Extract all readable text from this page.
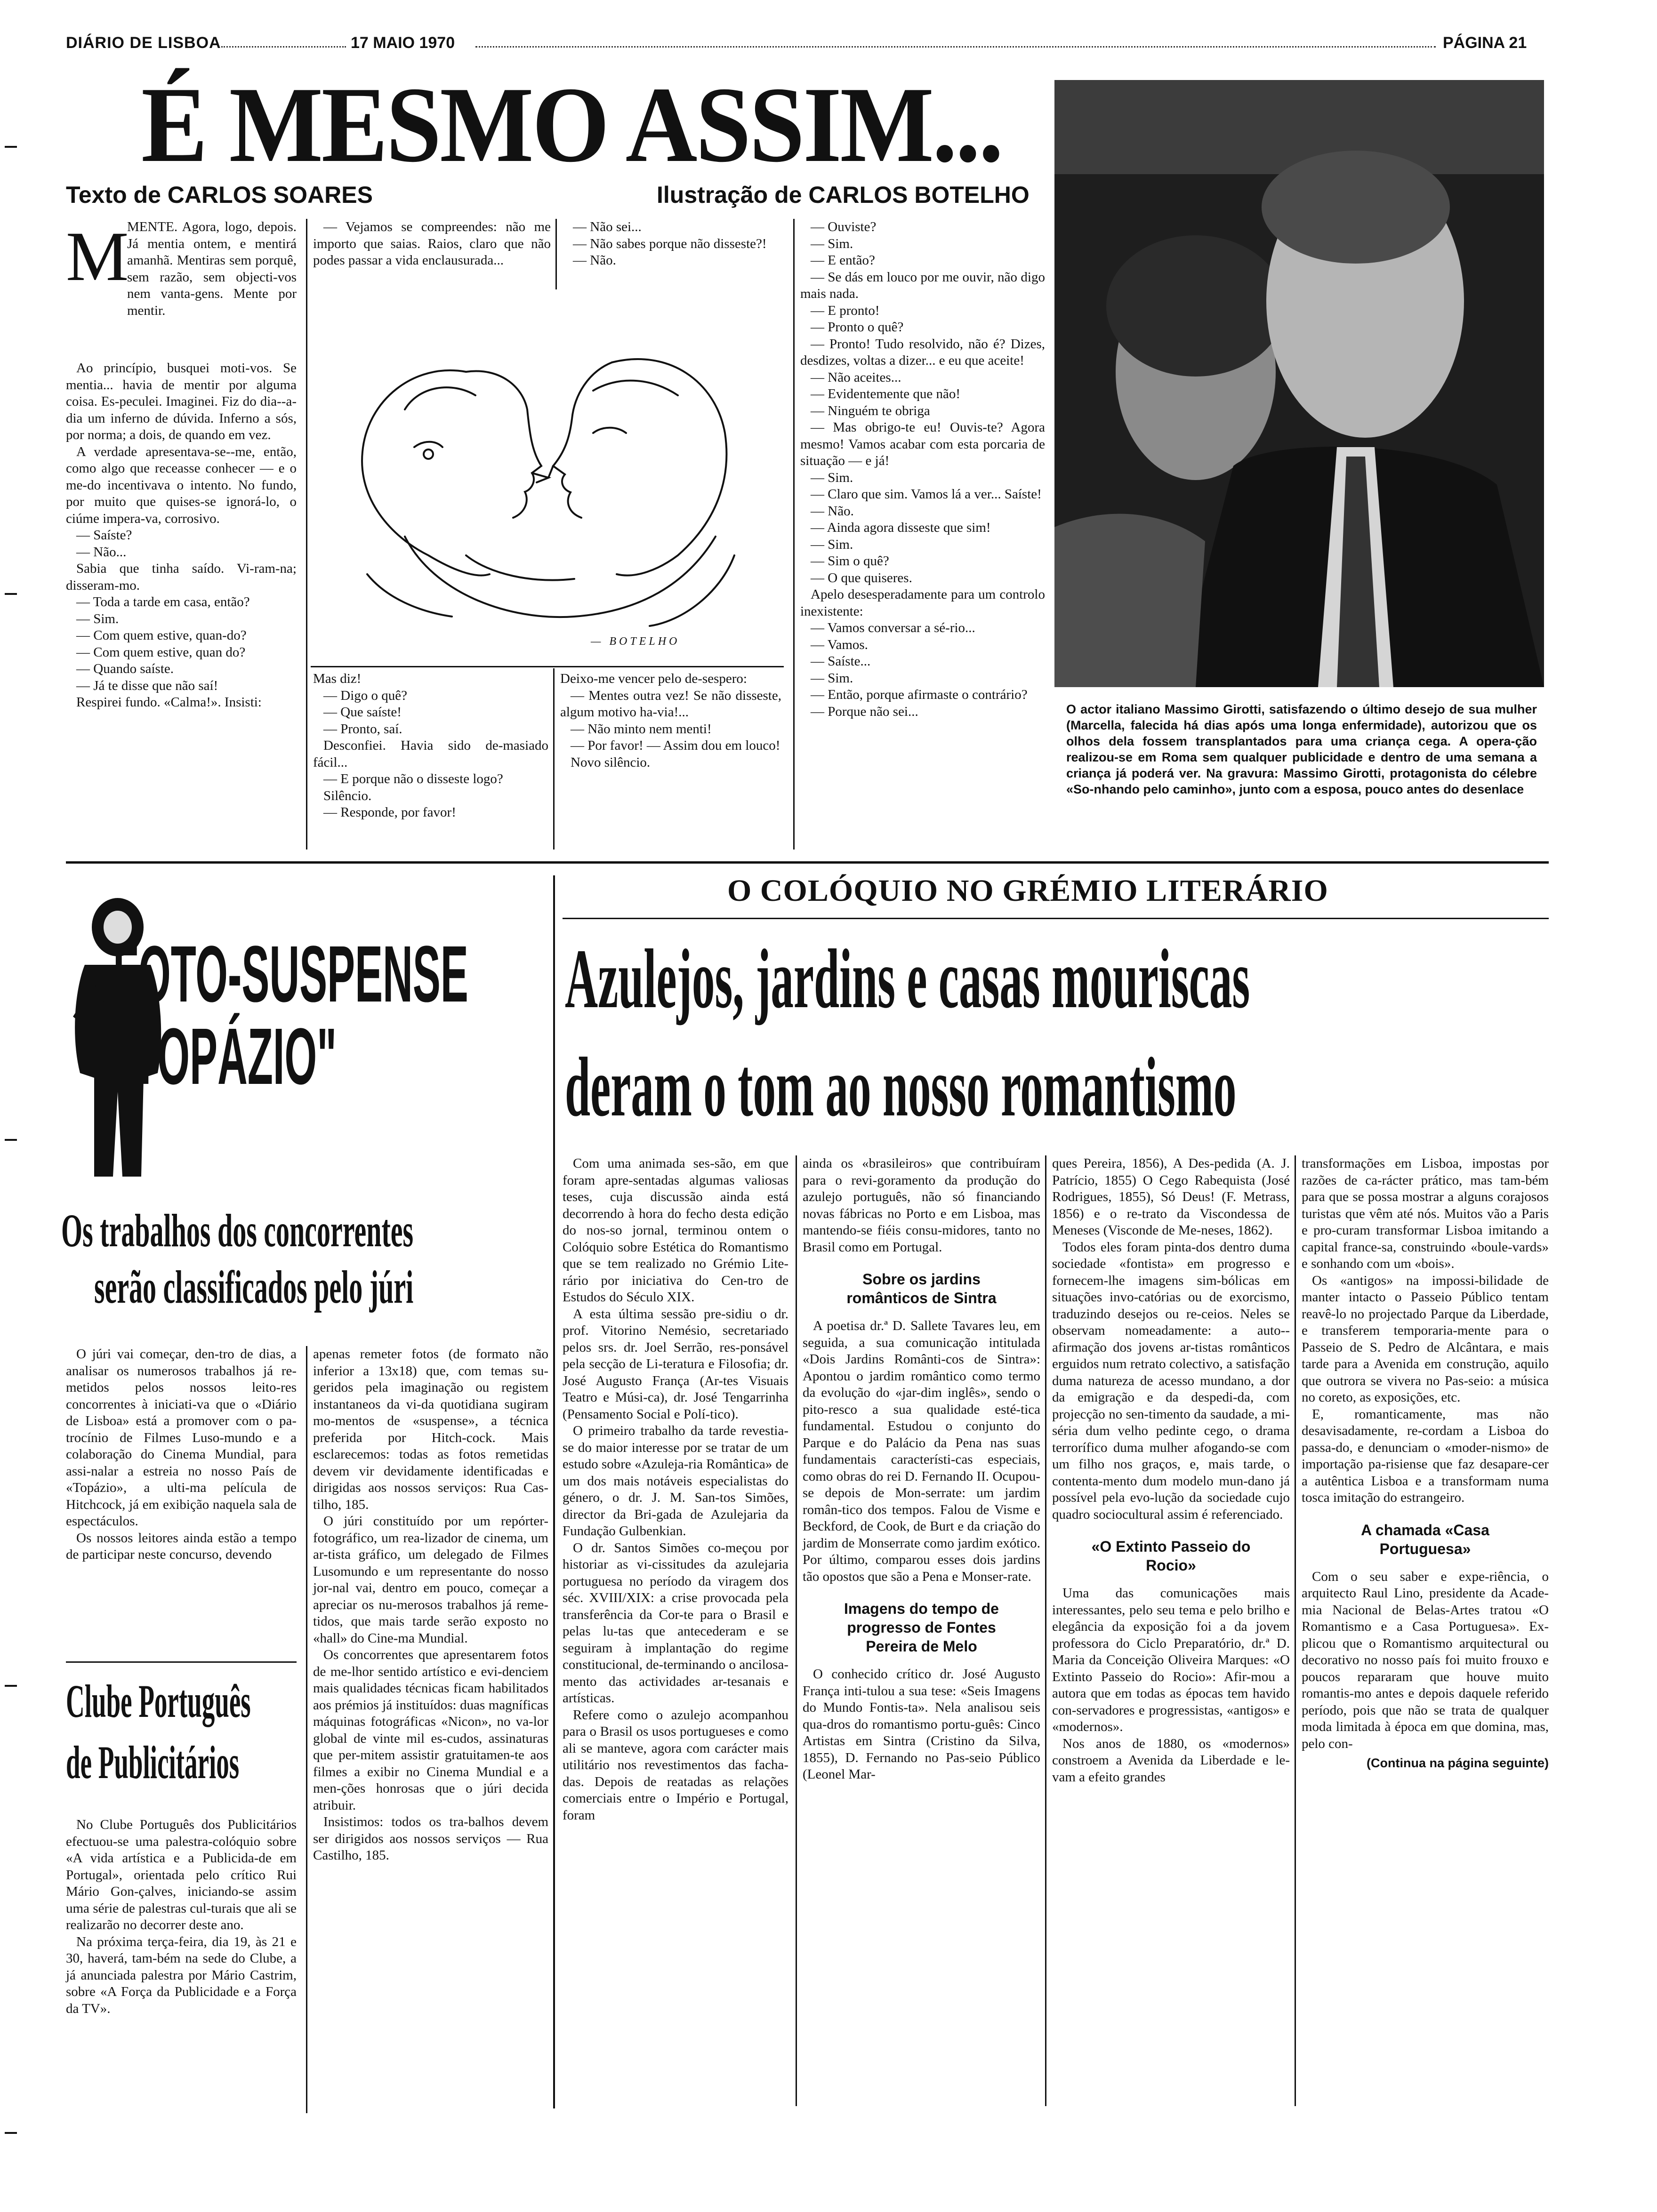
DIÁRIO DE LISBOA	17 MAIO 1970	PÁGINA 21
É MESMO ASSIM...
Texto de CARLOS SOARES	Ilustração de CARLOS BOTELHO
M

MENTE. Agora, logo, depois. Já mentia ontem, e mentirá amanhã. Mentiras sem porquê, sem razão, sem objecti-vos nem vanta-gens. Mente por mentir.

Ao princípio, busquei moti-vos. Se mentia... havia de mentir por alguma coisa. Es-peculei. Imaginei. Fiz do dia--a-dia um inferno de dúvida. Inferno a sós, por norma; a dois, de quando em vez.

A verdade apresentava-se--me, então, como algo que receasse conhecer — e o me-do incentivava o intento. No fundo, por muito que quises-se ignorá-lo, o ciúme impera-va, corrosivo.

— Saíste?

— Não...

Sabia que tinha saído. Vi-ram-na; disseram-mo.

— Toda a tarde em casa, então?

— Sim.

— Com quem estive, quan-do?

— Com quem estive, quan do?

— Quando saíste.

— Já te disse que não saí!

Respirei fundo. «Calma!». Insisti:

— Vejamos se compreendes: não me importo que saias. Raios, claro que não podes passar a vida enclausurada...

— Não sei...

— Não sabes porque não disseste?!

— Não.

— BOTELHO

Mas diz!

— Digo o quê?

— Que saíste!

— Pronto, saí.

Desconfiei. Havia sido de-masiado fácil...

— E porque não o disseste logo?

Silêncio.

— Responde, por favor!

Deixo-me vencer pelo de-sespero:

— Mentes outra vez! Se não disseste, algum motivo ha-via!...

— Não minto nem menti!

— Por favor! — Assim dou em louco!

Novo silêncio.

— Ouviste?

— Sim.

— E então?

— Se dás em louco por me ouvir, não digo mais nada.

— E pronto!

— Pronto o quê?

— Pronto! Tudo resolvido, não é? Dizes, desdizes, voltas a dizer... e eu que aceite!

— Não aceites...

— Evidentemente que não!

— Ninguém te obriga

— Mas obrigo-te eu! Ouvis-te? Agora mesmo! Vamos acabar com esta porcaria de situação — e já!

— Sim.

— Claro que sim. Vamos lá a ver... Saíste!

— Não.

— Ainda agora disseste que sim!

— Sim.

— Sim o quê?

— O que quiseres.

Apelo desesperadamente para um controlo inexistente:

— Vamos conversar a sé-rio...

— Vamos.

— Saíste...

— Sim.

— Então, porque afirmaste o contrário?

— Porque não sei...	O actor italiano Massimo Girotti, satisfazendo o último desejo de sua mulher (Marcella, falecida há dias após uma longa enfermidade), autorizou que os olhos dela fossem transplantados para uma criança cega. A opera-ção realizou-se em Roma sem qualquer publicidade e dentro de uma semana a criança já poderá ver. Na gravura: Massimo Girotti, protagonista do célebre «So-nhando pelo caminho», junto com a esposa, pouco antes do desenlace
FOTO-SUSPENSE
"TOPÁZIO"
Os trabalhos dos concorrentes
serão classificados pelo júri

O júri vai começar, den-tro de dias, a analisar os numerosos trabalhos já re-metidos pelos nossos leito-res concorrentes à iniciati-va que o «Diário de Lisboa» está a promover com o pa-trocínio de Filmes Luso-mundo e a colaboração do Cinema Mundial, para assi-nalar a estreia no nosso País de «Topázio», a ulti-ma película de Hitchcock, já em exibição naquela sala de espectáculos.

Os nossos leitores ainda estão a tempo de participar neste concurso, devendo

apenas remeter fotos (de formato não inferior a 13x18) que, com temas su-geridos pela imaginação ou registem instantaneos da vi-da quotidiana sugiram mo-mentos de «suspense», a técnica preferida por Hitch-cock. Mais esclarecemos: todas as fotos remetidas devem vir devidamente identificadas e dirigidas aos nossos serviços: Rua Cas-tilho, 185.

O júri constituído por um repórter-fotográfico, um rea-lizador de cinema, um ar-tista gráfico, um delegado de Filmes Lusomundo e um representante do nosso jor-nal vai, dentro em pouco, começar a apreciar os nu-merosos trabalhos já reme-tidos, que mais tarde serão exposto no «hall» do Cine-ma Mundial.

Os concorrentes que apresentarem fotos de me-lhor sentido artístico e evi-denciem mais qualidades técnicas ficam habilitados aos prémios já instituídos: duas magníficas máquinas fotográficas «Nicon», no va-lor global de vinte mil es-cudos, assinaturas que per-mitem assistir gratuitamen-te aos filmes a exibir no Cinema Mundial e a men-ções honrosas que o júri decida atribuir.

Insistimos: todos os tra-balhos devem ser dirigidos aos nossos serviços — Rua Castilho, 185.

Clube Português
de Publicitários

No Clube Português dos Publicitários efectuou-se uma palestra-colóquio sobre «A vida artística e a Publicida-de em Portugal», orientada pelo crítico Rui Mário Gon-çalves, iniciando-se assim uma série de palestras cul-turais que ali se realizarão no decorrer deste ano.

Na próxima terça-feira, dia 19, às 21 e 30, haverá, tam-bém na sede do Clube, a já anunciada palestra por Mário Castrim, sobre «A Força da Publicidade e a Força da TV».

O COLÓQUIO NO GRÉMIO LITERÁRIO
Azulejos, jardins e casas mouriscas
deram o tom ao nosso romantismo

Com uma animada ses-são, em que foram apre-sentadas algumas valiosas teses, cuja discussão ainda está decorrendo à hora do fecho desta edição do nos-so jornal, terminou ontem o Colóquio sobre Estética do Romantismo que se tem realizado no Grémio Lite-rário por iniciativa do Cen-tro de Estudos do Século XIX.

A esta última sessão pre-sidiu o dr. prof. Vitorino Nemésio, secretariado pelos srs. dr. Joel Serrão, res-ponsável pela secção de Li-teratura e Filosofia; dr. José Augusto França (Ar-tes Visuais Teatro e Músi-ca), dr. José Tengarrinha (Pensamento Social e Polí-tico).

O primeiro trabalho da tarde revestia-se do maior interesse por se tratar de um estudo sobre «Azuleja-ria Romântica» de um dos mais notáveis especialistas do género, o dr. J. M. San-tos Simões, director da Bri-gada de Azulejaria da Fundação Gulbenkian.

O dr. Santos Simões co-meçou por historiar as vi-cissitudes da azulejaria portuguesa no período da viragem dos séc. XVIII/XIX: a crise provocada pela transferência da Cor-te para o Brasil e pelas lu-tas que antecederam e se seguiram à implantação do regime constitucional, de-terminando o ancilosa-mento das actividades ar-tesanais e artísticas.

Refere como o azulejo acompanhou para o Brasil os usos portugueses e como ali se manteve, agora com carácter mais utilitário nos revestimentos das facha-das. Depois de reatadas as relações comerciais entre o Império e Portugal, foram

ainda os «brasileiros» que contribuíram para o revi-goramento da produção do azulejo português, não só financiando novas fábricas no Porto e em Lisboa, mas mantendo-se fiéis consu-midores, tanto no Brasil como em Portugal.

Sobre os jardins românticos de Sintra

A poetisa dr.ª D. Sallete Tavares leu, em seguida, a sua comunicação intitulada «Dois Jardins Românti-cos de Sintra»: Apontou o jardim romântico como termo da evolução do «jar-dim inglês», sendo o pito-resco a sua qualidade esté-tica fundamental. Estudou o conjunto do Parque e do Palácio da Pena nas suas fundamentais característi-cas especiais, como obras do rei D. Fernando II. Ocupou-se depois de Mon-serrate: um jardim român-tico dos tempos. Falou de Visme e Beckford, de Cook, de Burt e da criação do jardim de Monserrate como jardim exótico. Por último, comparou esses dois jardins tão opostos que são a Pena e Monser-rate.

Imagens do tempo de progresso de Fontes Pereira de Melo

O conhecido crítico dr. José Augusto França inti-tulou a sua tese: «Seis Imagens do Mundo Fontis-ta». Nela analisou seis qua-dros do romantismo portu-guês: Cinco Artistas em Sintra (Cristino da Silva, 1855), D. Fernando no Pas-seio Público (Leonel Mar-

ques Pereira, 1856), A Des-pedida (A. J. Patrício, 1855) O Cego Rabequista (José Rodrigues, 1855), Só Deus! (F. Metrass, 1856) e o re-trato da Viscondessa de Meneses (Visconde de Me-neses, 1862).

Todos eles foram pinta-dos dentro duma sociedade «fontista» em progresso e fornecem-lhe imagens sim-bólicas em situações invo-catórias ou de exorcismo, traduzindo desejos ou re-ceios. Neles se observam nomeadamente: a auto--afirmação dos jovens ar-tistas românticos erguidos num retrato colectivo, a satisfação duma natureza de acesso mundano, a dor da emigração e da despedi-da, com projecção no sen-timento da saudade, a mi-séria dum velho pedinte cego, o drama terrorífico duma mulher afogando-se com um filho nos graços, e, mais tarde, o contenta-mento dum modelo mun-dano já possível pela evo-lução da sociedade cujo quadro sociocultural assim é referenciado.

«O Extinto Passeio do Rocio»

Uma das comunicações mais interessantes, pelo seu tema e pelo brilho e elegância da exposição foi a da jovem professora do Ciclo Preparatório, dr.ª D. Maria da Conceição Oliveira Marques: «O Extinto Passeio do Rocio»: Afir-mou a autora que em todas as épocas tem havido con-servadores e progressistas, «antigos» e «modernos».

Nos anos de 1880, os «modernos» constroem a Avenida da Liberdade e le-vam a efeito grandes

transformações em Lisboa, impostas por razões de ca-rácter prático, mas tam-bém para que se possa mostrar a alguns corajosos turistas que vêm até nós. Muitos vão a Paris e pro-curam transformar Lisboa imitando a capital france-sa, construindo «boule-vards» e sonhando com um «bois».

Os «antigos» na impossi-bilidade de manter intacto o Passeio Público tentam reavê-lo no projectado Parque da Liberdade, e transferem temporaria-mente para o Passeio de S. Pedro de Alcântara, e mais tarde para a Avenida em construção, aquilo que outrora se vivera no Pas-seio: a música no coreto, as exposições, etc.

E, romanticamente, mas não desavisadamente, re-cordam a Lisboa do passa-do, e denunciam o «moder-nismo» de importação pa-risiense que faz desapare-cer a autêntica Lisboa e a transformam numa tosca imitação do estrangeiro.

A chamada «Casa Portuguesa»

Com o seu saber e expe-riência, o arquitecto Raul Lino, presidente da Acade-mia Nacional de Belas-Artes tratou «O Romantismo e a Casa Portuguesa». Ex-plicou que o Romantismo arquitectural ou decorativo no nosso país foi muito frouxo e poucos repararam que houve muito romantis-mo antes e depois daquele referido período, pois que não se trata de qualquer moda limitada à época em que domina, mas, pelo con-

(Continua na página seguinte)
